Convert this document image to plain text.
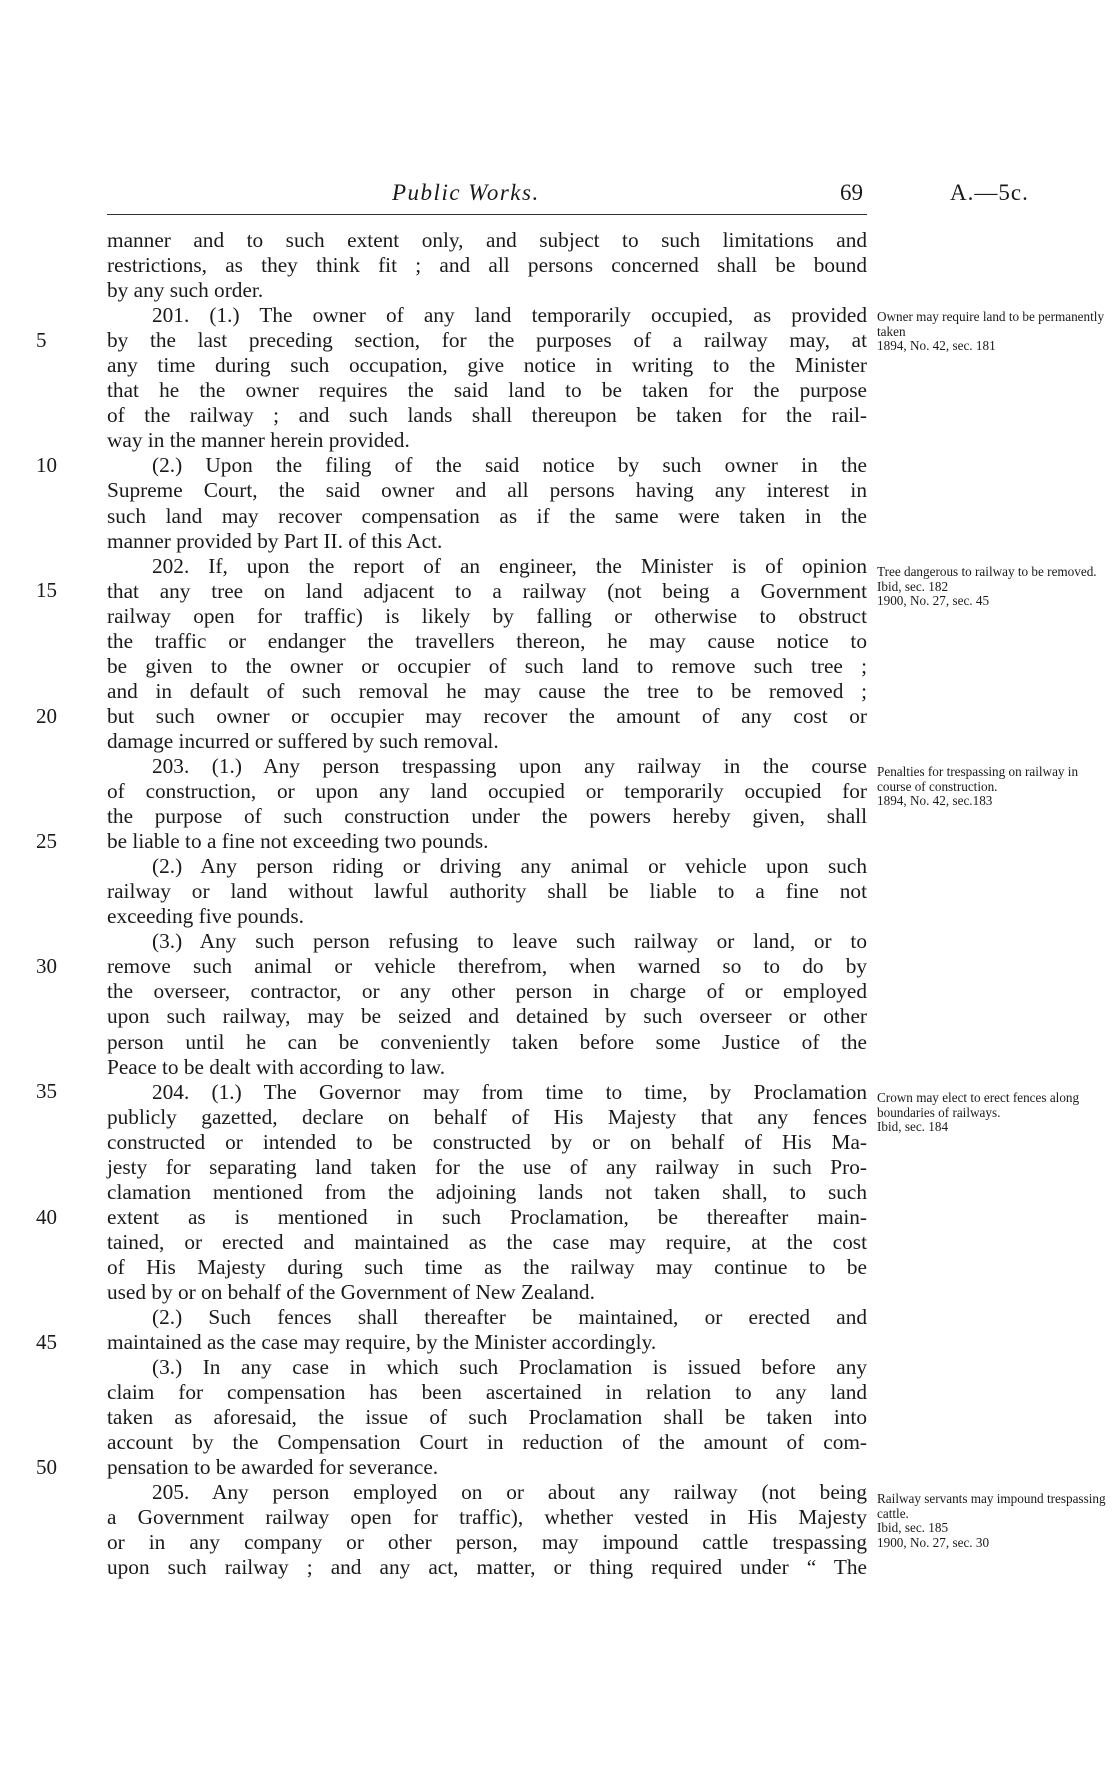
Public Works.	69	A.—5c.
manner and to such extent only, and subject to such limitations and
restrictions, as they think fit ; and all persons concerned shall be bound
by any such order.
201. (1.) The owner of any land temporarily occupied, as provided
by the last preceding section, for the purposes of a railway may, at
any time during such occupation, give notice in writing to the Minister
that he the owner requires the said land to be taken for the purpose
of the railway ; and such lands shall thereupon be taken for the rail-
way in the manner herein provided.
(2.) Upon the filing of the said notice by such owner in the
Supreme Court, the said owner and all persons having any interest in
such land may recover compensation as if the same were taken in the
manner provided by Part II. of this Act.
202. If, upon the report of an engineer, the Minister is of opinion
that any tree on land adjacent to a railway (not being a Government
railway open for traffic) is likely by falling or otherwise to obstruct
the traffic or endanger the travellers thereon, he may cause notice to
be given to the owner or occupier of such land to remove such tree ;
and in default of such removal he may cause the tree to be removed ;
but such owner or occupier may recover the amount of any cost or
damage incurred or suffered by such removal.
203. (1.) Any person trespassing upon any railway in the course
of construction, or upon any land occupied or temporarily occupied for
the purpose of such construction under the powers hereby given, shall
be liable to a fine not exceeding two pounds.
(2.) Any person riding or driving any animal or vehicle upon such
railway or land without lawful authority shall be liable to a fine not
exceeding five pounds.
(3.) Any such person refusing to leave such railway or land, or to
remove such animal or vehicle therefrom, when warned so to do by
the overseer, contractor, or any other person in charge of or employed
upon such railway, may be seized and detained by such overseer or other
person until he can be conveniently taken before some Justice of the
Peace to be dealt with according to law.
204. (1.) The Governor may from time to time, by Proclamation
publicly gazetted, declare on behalf of His Majesty that any fences
constructed or intended to be constructed by or on behalf of His Ma-
jesty for separating land taken for the use of any railway in such Pro-
clamation mentioned from the adjoining lands not taken shall, to such
extent as is mentioned in such Proclamation, be thereafter main-
tained, or erected and maintained as the case may require, at the cost
of His Majesty during such time as the railway may continue to be
used by or on behalf of the Government of New Zealand.
(2.) Such fences shall thereafter be maintained, or erected and
maintained as the case may require, by the Minister accordingly.
(3.) In any case in which such Proclamation is issued before any
claim for compensation has been ascertained in relation to any land
taken as aforesaid, the issue of such Proclamation shall be taken into
account by the Compensation Court in reduction of the amount of com-
pensation to be awarded for severance.
205. Any person employed on or about any railway (not being
a Government railway open for traffic), whether vested in His Majesty
or in any company or other person, may impound cattle trespassing
upon such railway ; and any act, matter, or thing required under “ The
5
10
15
20
25
30
35
40
45
50
Owner may require land to be permanently taken
1894, No. 42, sec. 181
Tree dangerous to railway to be removed.
Ibid, sec. 182
1900, No. 27, sec. 45
Penalties for trespassing on railway in course of construction.
1894, No. 42, sec.183
Crown may elect to erect fences along boundaries of railways.
Ibid, sec. 184
Railway servants may impound trespassing cattle.
Ibid, sec. 185
1900, No. 27, sec. 30
